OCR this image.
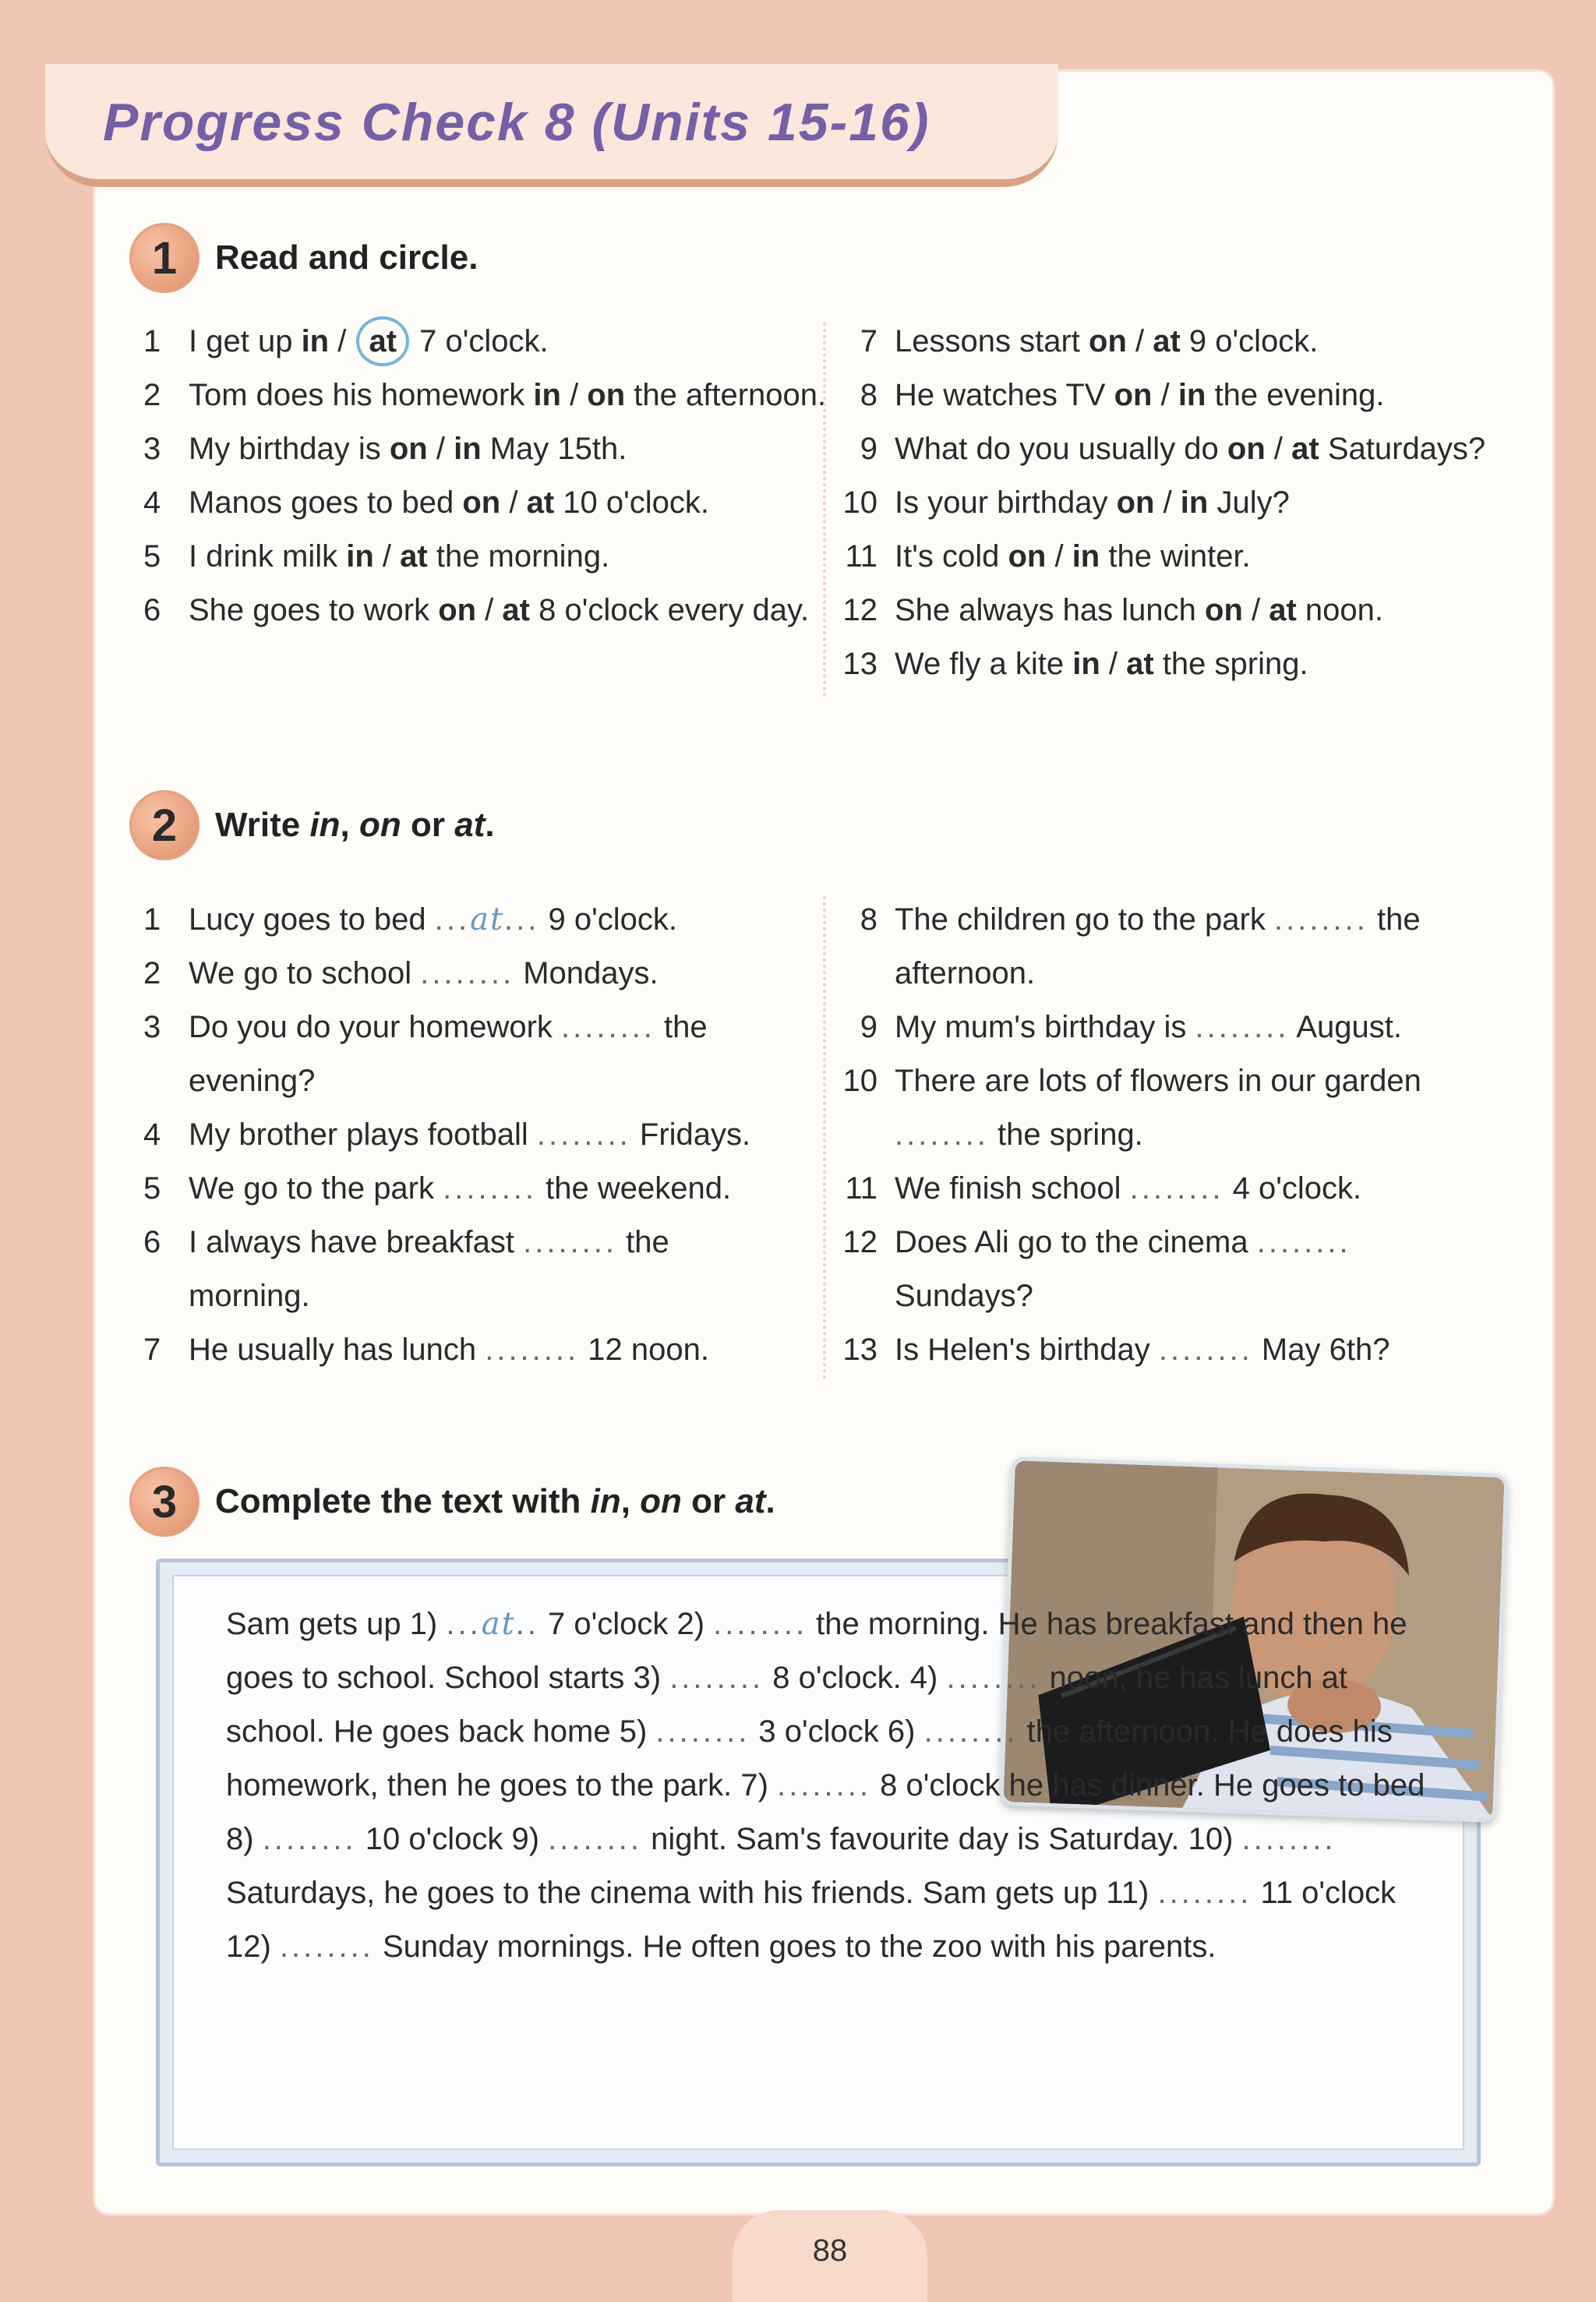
Progress Check 8 (Units 15-16)
1	Read and circle.
1 I get up in / at 7 o'clock.
2 Tom does his homework in / on the afternoon.
3 My birthday is on / in May 15th.
4 Manos goes to bed on / at 10 o'clock.
5 I drink milk in / at the morning.
6 She goes to work on / at 8 o'clock every day.
7 Lessons start on / at 9 o'clock.
8 He watches TV on / in the evening.
9 What do you usually do on / at Saturdays?
10 Is your birthday on / in July?
11 It's cold on / in the winter.
12 She always has lunch on / at noon.
13 We fly a kite in / at the spring.
2	Write in, on or at.
1 Lucy goes to bed ...at... 9 o'clock.
2 We go to school ........ Mondays.
3 Do you do your homework ........ the evening?
4 My brother plays football ........ Fridays.
5 We go to the park ........ the weekend.
6 I always have breakfast ........ the morning.
7 He usually has lunch ........ 12 noon.
8 The children go to the park ........ the afternoon.
9 My mum's birthday is ........ August.
10 There are lots of flowers in our garden ........ the spring.
11 We finish school ........ 4 o'clock.
12 Does Ali go to the cinema ........ Sundays?
13 Is Helen's birthday ........ May 6th?
3	Complete the text with in, on or at.
Sam gets up 1) ...at.. 7 o'clock 2) ........ the morning. He has breakfast and then he goes to school. School starts 3) ........ 8 o'clock. 4) ........ noon, he has lunch at school. He goes back home 5) ........ 3 o'clock 6) ........ the afternoon. He does his homework, then he goes to the park. 7) ........ 8 o'clock he has dinner. He goes to bed 8) ........ 10 o'clock 9) ........ night. Sam's favourite day is Saturday. 10) ........ Saturdays, he goes to the cinema with his friends. Sam gets up 11) ........ 11 o'clock 12) ........ Sunday mornings. He often goes to the zoo with his parents.
88
